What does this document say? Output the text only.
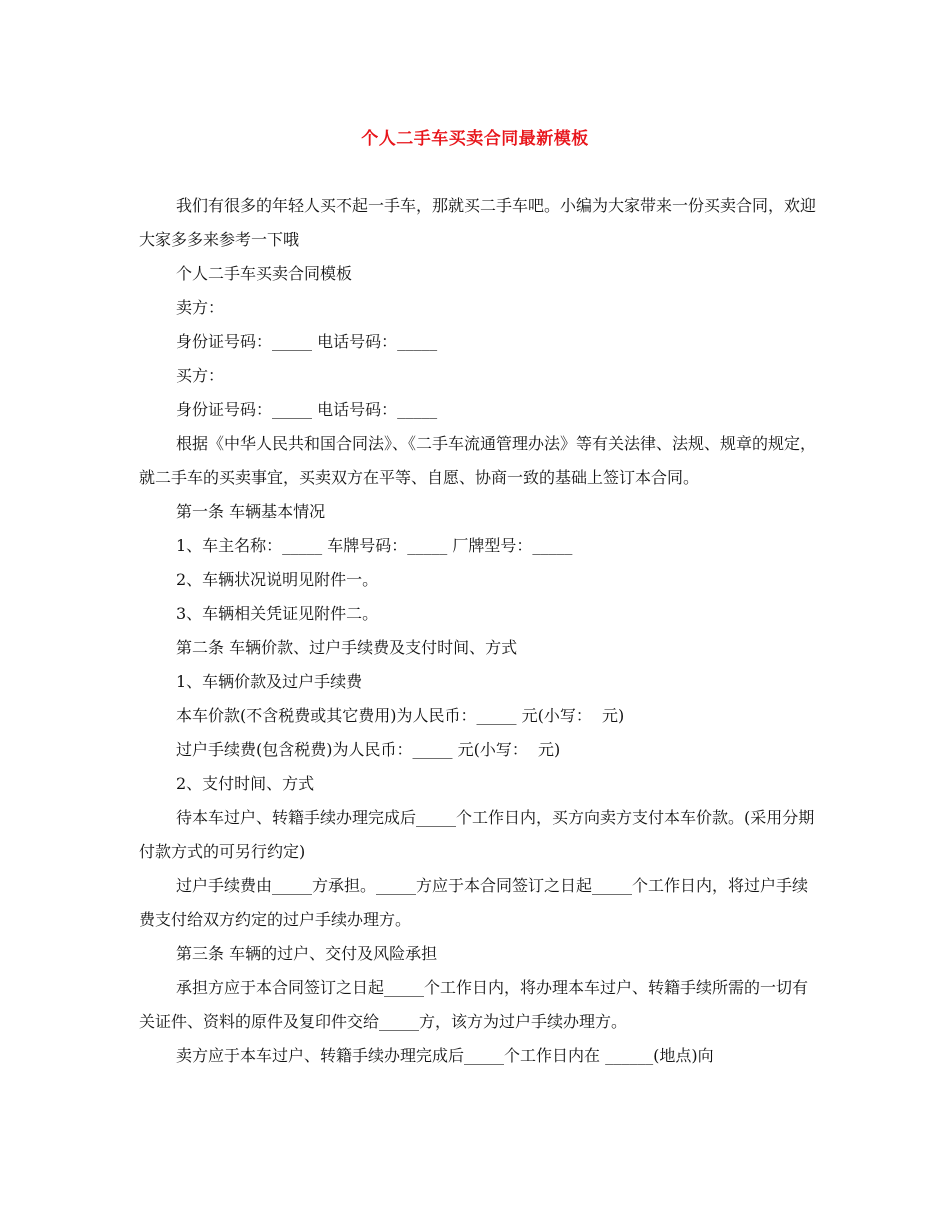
个人二手车买卖合同最新模板

我们有很多的年轻人买不起一手车，那就买二手车吧。小编为大家带来一份买卖合同，欢迎大家多多来参考一下哦

个人二手车买卖合同模板

卖方：

身份证号码：_____ 电话号码：_____

买方：

身份证号码：_____ 电话号码：_____

根据《中华人民共和国合同法》、《二手车流通管理办法》等有关法律、法规、规章的规定，就二手车的买卖事宜，买卖双方在平等、自愿、协商一致的基础上签订本合同。

第一条 车辆基本情况

1、车主名称：_____ 车牌号码：_____ 厂牌型号：_____

2、车辆状况说明见附件一。

3、车辆相关凭证见附件二。

第二条 车辆价款、过户手续费及支付时间、方式

1、车辆价款及过户手续费

本车价款(不含税费或其它费用)为人民币：_____ 元(小写：  元)

过户手续费(包含税费)为人民币：_____ 元(小写：  元)

2、支付时间、方式

待本车过户、转籍手续办理完成后_____个工作日内，买方向卖方支付本车价款。(采用分期付款方式的可另行约定)

过户手续费由_____方承担。_____方应于本合同签订之日起_____个工作日内，将过户手续费支付给双方约定的过户手续办理方。

第三条 车辆的过户、交付及风险承担

承担方应于本合同签订之日起_____个工作日内，将办理本车过户、转籍手续所需的一切有关证件、资料的原件及复印件交给_____方，该方为过户手续办理方。

卖方应于本车过户、转籍手续办理完成后_____个工作日内在 ______(地点)向
